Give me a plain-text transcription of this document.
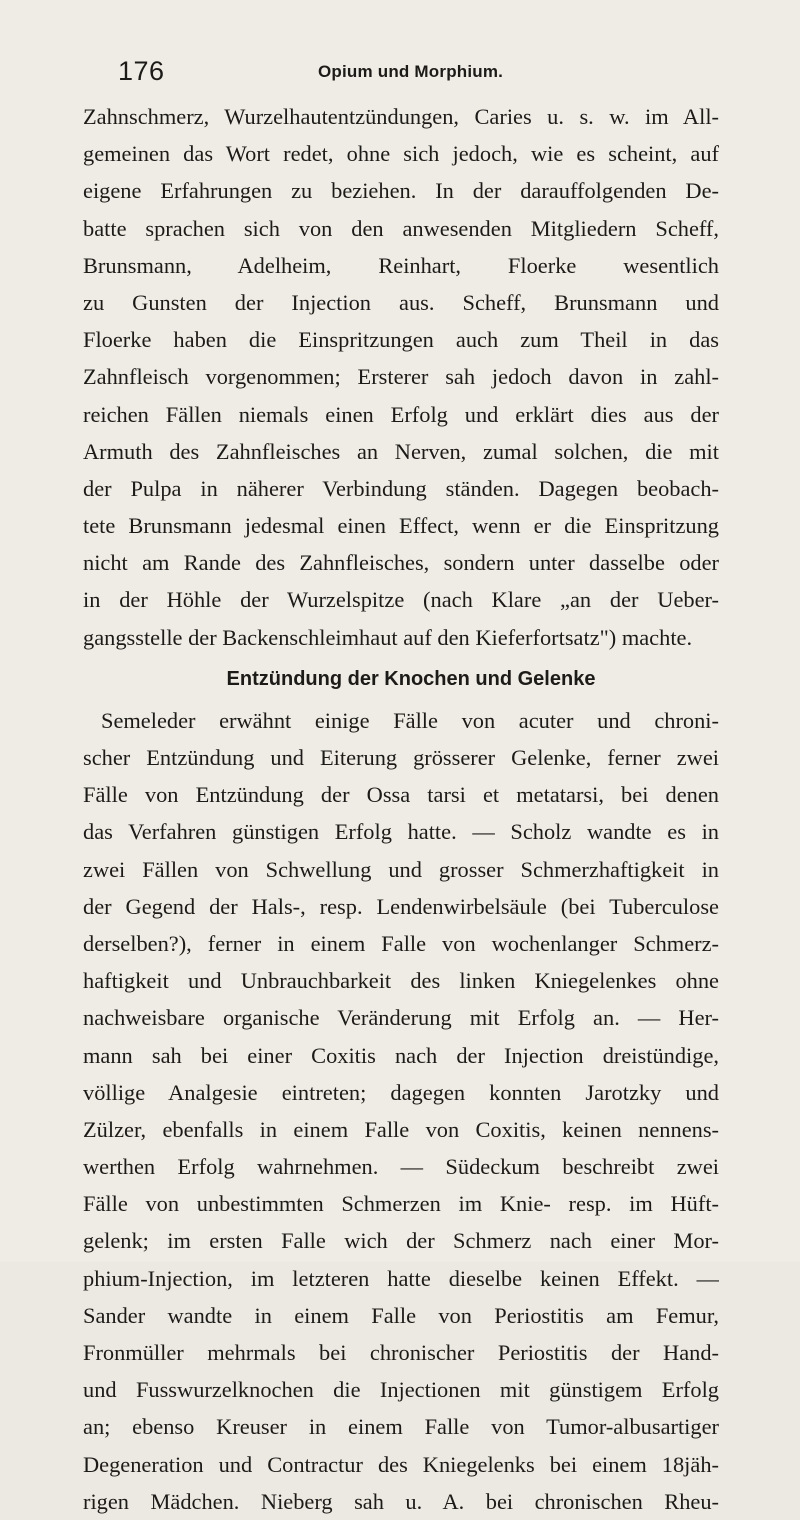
176	Opium und Morphium.
Zahnschmerz, Wurzelhautentzündungen, Caries u. s. w. im All-
gemeinen das Wort redet, ohne sich jedoch, wie es scheint, auf
eigene Erfahrungen zu beziehen. In der darauffolgenden De-
batte sprachen sich von den anwesenden Mitgliedern Scheff,
Brunsmann, Adelheim, Reinhart, Floerke wesentlich
zu Gunsten der Injection aus. Scheff, Brunsmann und
Floerke haben die Einspritzungen auch zum Theil in das
Zahnfleisch vorgenommen; Ersterer sah jedoch davon in zahl-
reichen Fällen niemals einen Erfolg und erklärt dies aus der
Armuth des Zahnfleisches an Nerven, zumal solchen, die mit
der Pulpa in näherer Verbindung ständen. Dagegen beobach-
tete Brunsmann jedesmal einen Effect, wenn er die Einspritzung
nicht am Rande des Zahnfleisches, sondern unter dasselbe oder
in der Höhle der Wurzelspitze (nach Klare „an der Ueber-
gangsstelle der Backenschleimhaut auf den Kieferfortsatz") machte.
Entzündung der Knochen und Gelenke
Semeleder erwähnt einige Fälle von acuter und chroni-
scher Entzündung und Eiterung grösserer Gelenke, ferner zwei
Fälle von Entzündung der Ossa tarsi et metatarsi, bei denen
das Verfahren günstigen Erfolg hatte. — Scholz wandte es in
zwei Fällen von Schwellung und grosser Schmerzhaftigkeit in
der Gegend der Hals-, resp. Lendenwirbelsäule (bei Tuberculose
derselben?), ferner in einem Falle von wochenlanger Schmerz-
haftigkeit und Unbrauchbarkeit des linken Kniegelenkes ohne
nachweisbare organische Veränderung mit Erfolg an. — Her-
mann sah bei einer Coxitis nach der Injection dreistündige,
völlige Analgesie eintreten; dagegen konnten Jarotzky und
Zülzer, ebenfalls in einem Falle von Coxitis, keinen nennens-
werthen Erfolg wahrnehmen. — Südeckum beschreibt zwei
Fälle von unbestimmten Schmerzen im Knie- resp. im Hüft-
gelenk; im ersten Falle wich der Schmerz nach einer Mor-
phium-Injection, im letzteren hatte dieselbe keinen Effekt. —
Sander wandte in einem Falle von Periostitis am Femur,
Fronmüller mehrmals bei chronischer Periostitis der Hand-
und Fusswurzelknochen die Injectionen mit günstigem Erfolg
an; ebenso Kreuser in einem Falle von Tumor-albusartiger
Degeneration und Contractur des Kniegelenks bei einem 18jäh-
rigen Mädchen. Nieberg sah u. A. bei chronischen Rheu-
